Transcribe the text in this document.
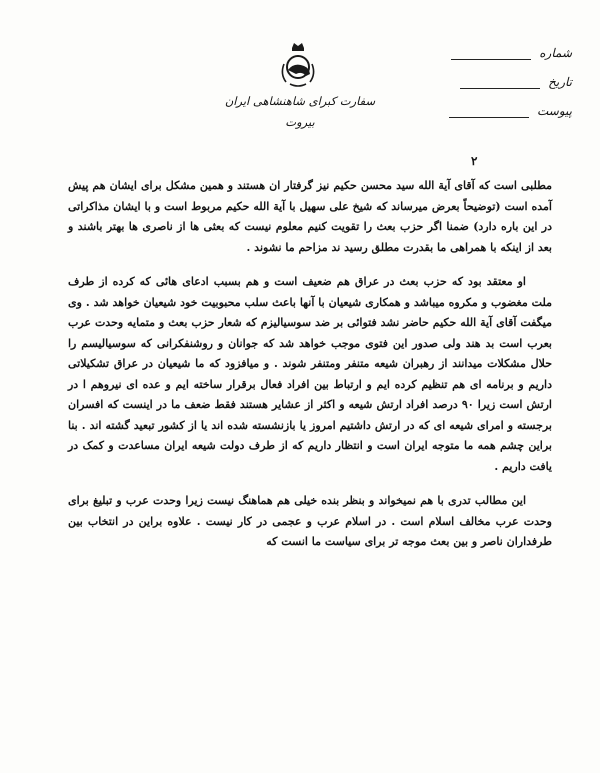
سفارت کبرای شاهنشاهی ایران
بیروت
شماره
تاریخ
پیوست
۲

مطلبی است که آقای آیة الله سید محسن حکیم نیز گرفتار ان هستند و همین مشکل برای ایشان هم پیش آمده است (توضیحاً بعرض میرساند که شیخ علی سهیل با آیة الله حکیم مربوط است و با ایشان مذاکراتی در این باره دارد) ضمنا اگر حزب بعث را تقویت کنیم معلوم نیست که بعثی ها از ناصری ها بهتر باشند و بعد از اینکه با همراهی ما بقدرت مطلق رسید ند مزاحم ما نشوند .

او معتقد بود که حزب بعث در عراق هم ضعیف است و هم بسبب ادعای هائی که کرده از طرف ملت مغضوب و مکروه میباشد و همکاری شیعیان با آنها باعث سلب محبوبیت خود شیعیان خواهد شد . وی میگفت آقای آیة الله حکیم حاضر نشد فتوائی بر ضد سوسیالیزم که شعار حزب بعث و متمایه وحدت عرب بعرب است بد هند ولی صدور این فتوی موجب خواهد شد که جوانان و روشنفکرانی که سوسیالیسم را حلال مشکلات میدانند از رهبران شیعه متنفر ومتنفر شوند . و میافزود که ما شیعیان در عراق تشکیلاتی داریم و برنامه ای هم تنظیم کرده ایم و ارتباط بین افراد فعال برقرار ساخته ایم و عده ای نیروهم ا در ارتش است زیرا ۹۰ درصد افراد ارتش شیعه و اکثر از عشایر هستند فقط ضعف ما در اینست که افسران برجسته و امرای شیعه ای که در ارتش داشتیم امروز یا بازنشسته شده اند یا از کشور تبعید گشته اند . بنا براین چشم همه ما متوجه ایران است و انتظار داریم که از طرف دولت شیعه ایران مساعدت و کمک در یافت داریم .

این مطالب تدری با هم نمیخواند و بنظر بنده خیلی هم هماهنگ نیست زیرا وحدت عرب و تبلیغ برای وحدت عرب مخالف اسلام است . در اسلام عرب و عجمی در کار نیست . علاوه براین در انتخاب بین طرفداران ناصر و بین بعث موجه تر برای سیاست ما انست که
